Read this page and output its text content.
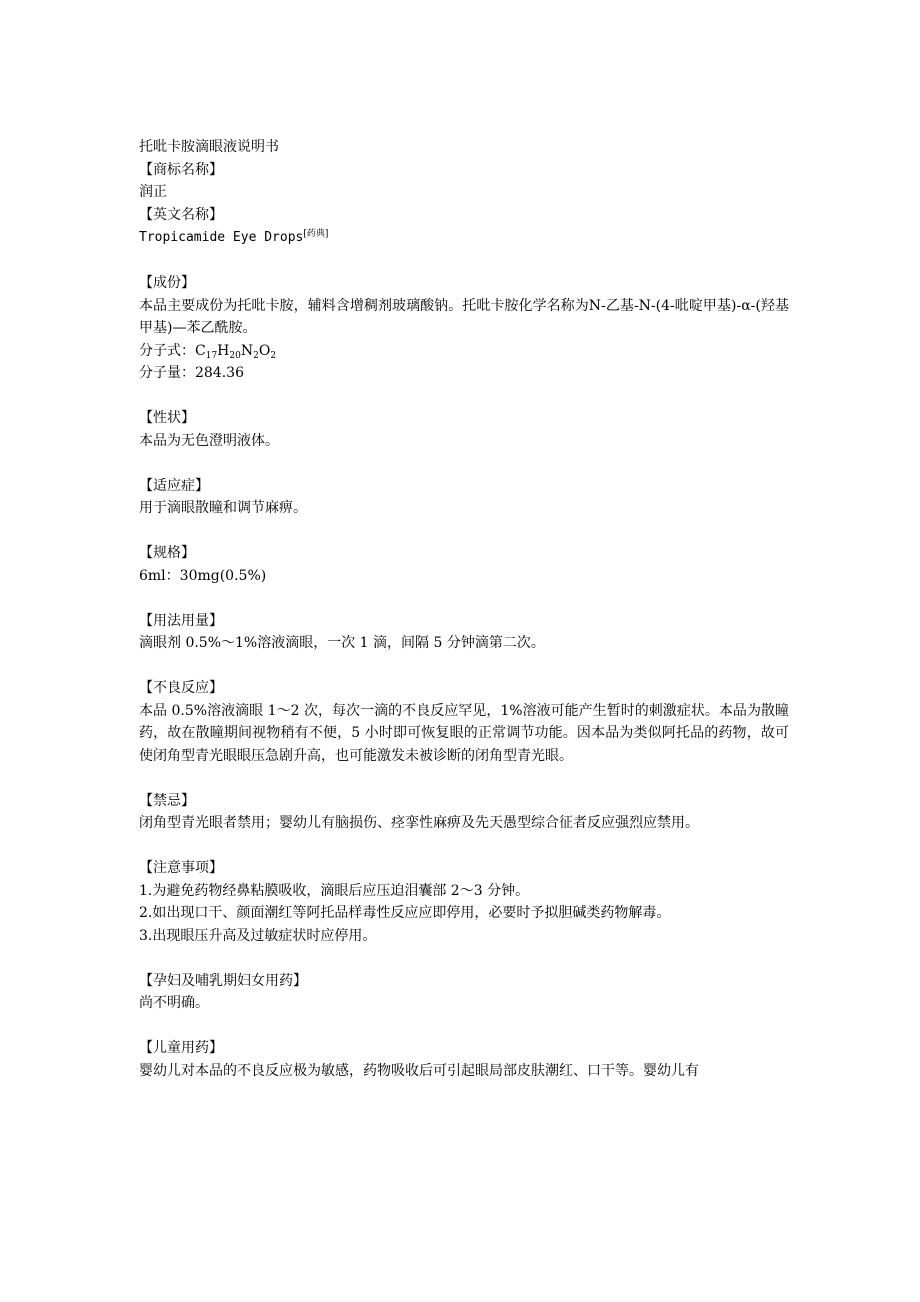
托吡卡胺滴眼液说明书
【商标名称】
润正
【英文名称】
Tropicamide Eye Drops[药典]
【成份】
本品主要成份为托吡卡胺，辅料含增稠剂玻璃酸钠。托吡卡胺化学名称为N-乙基-N-(4-吡啶甲基)-α-(羟基甲基)—苯乙酰胺。
分子式：$C_{17}H_{20}N_2O_2$
分子量：284.36
【性状】
本品为无色澄明液体。
【适应症】
用于滴眼散瞳和调节麻痹。
【规格】
6ml：30mg(0.5%)
【用法用量】
滴眼剂 0.5%～1%溶液滴眼，一次 1 滴，间隔 5 分钟滴第二次。
【不良反应】
本品 0.5%溶液滴眼 1～2 次，每次一滴的不良反应罕见，1%溶液可能产生暂时的刺激症状。本品为散瞳药，故在散瞳期间视物稍有不便，5 小时即可恢复眼的正常调节功能。因本品为类似阿托品的药物，故可使闭角型青光眼眼压急剧升高，也可能激发未被诊断的闭角型青光眼。
【禁忌】
闭角型青光眼者禁用；婴幼儿有脑损伤、痉挛性麻痹及先天愚型综合征者反应强烈应禁用。
【注意事项】
1.为避免药物经鼻粘膜吸收，滴眼后应压迫泪囊部 2～3 分钟。
2.如出现口干、颜面潮红等阿托品样毒性反应应即停用，必要时予拟胆碱类药物解毒。
3.出现眼压升高及过敏症状时应停用。
【孕妇及哺乳期妇女用药】
尚不明确。
【儿童用药】
婴幼儿对本品的不良反应极为敏感，药物吸收后可引起眼局部皮肤潮红、口干等。婴幼儿有
